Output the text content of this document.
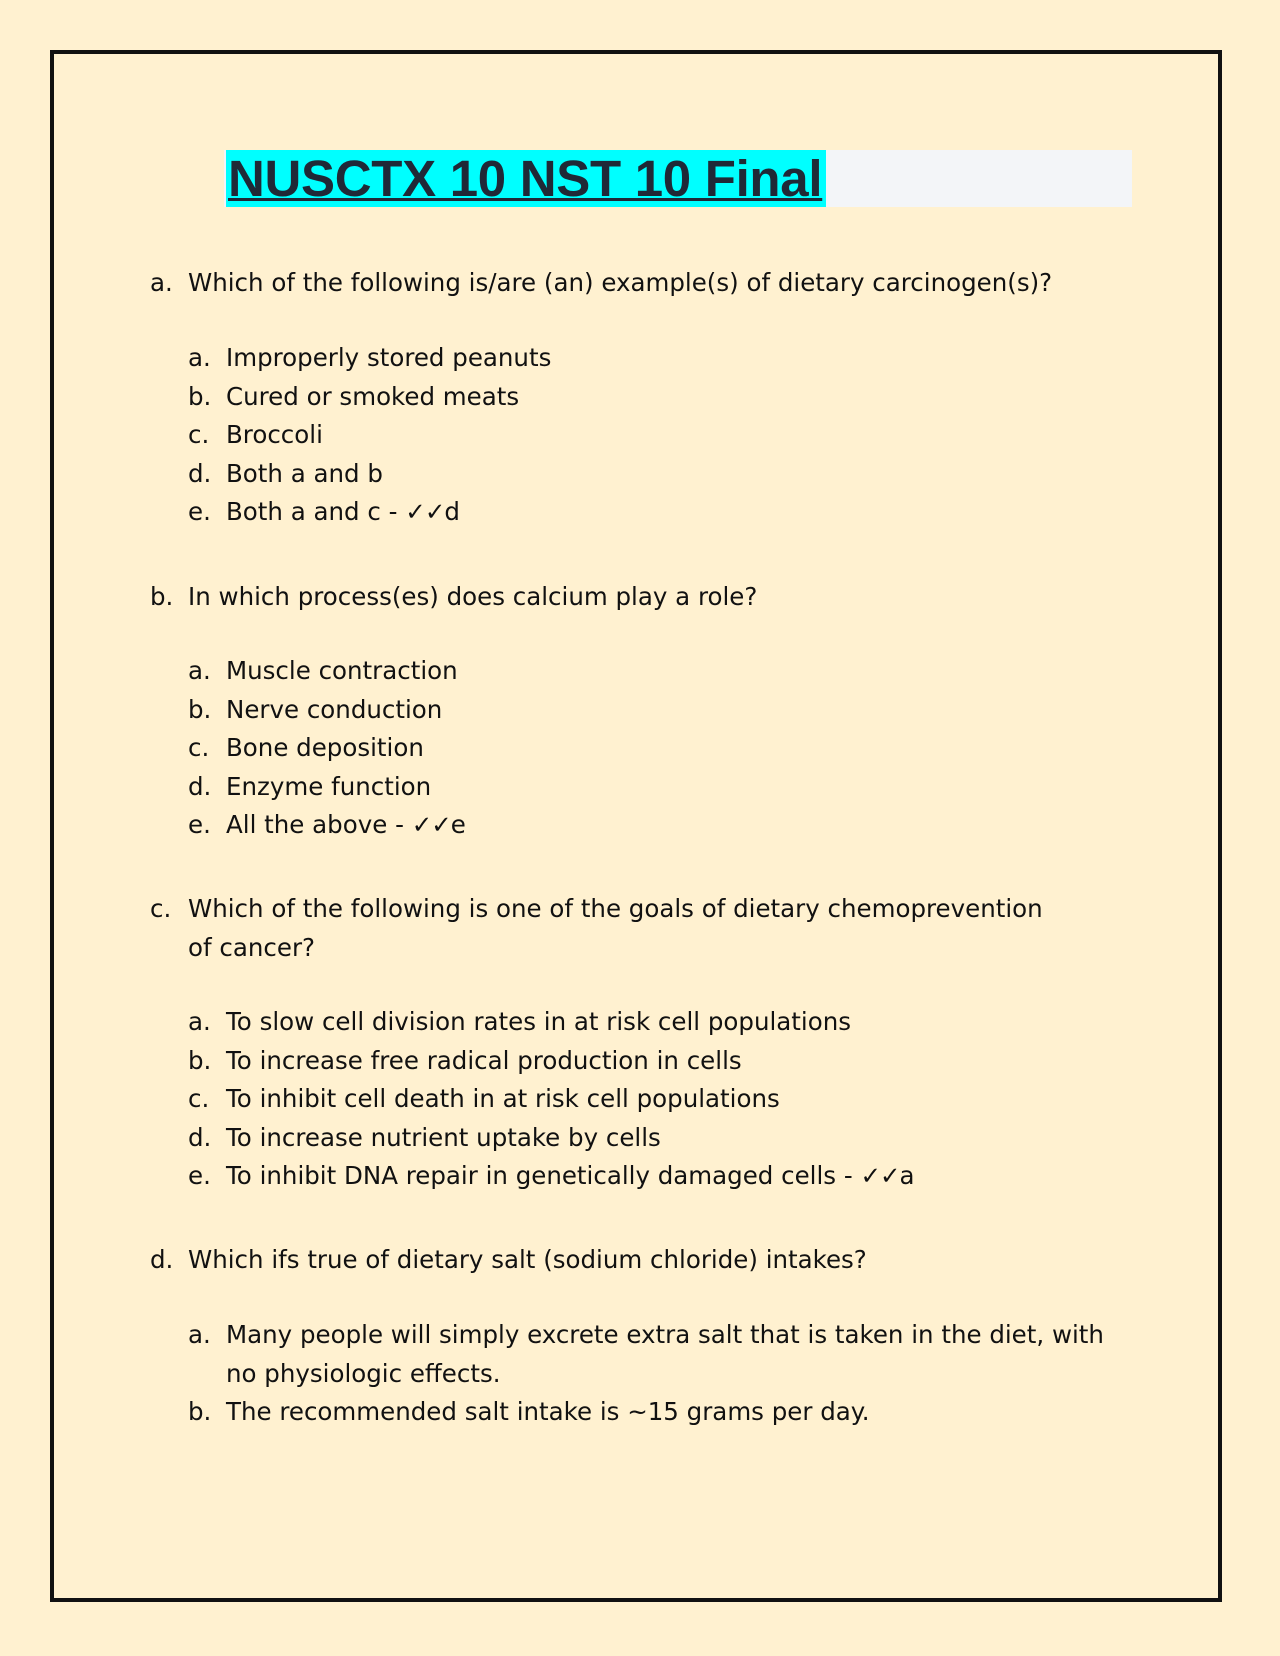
NUSCTX 10 NST 10 Final
a. Which of the following is/are (an) example(s) of dietary carcinogen(s)?
a. Improperly stored peanuts
b. Cured or smoked meats
c. Broccoli
d. Both a and b
e. Both a and c - ✓✓d
b. In which process(es) does calcium play a role?
a. Muscle contraction
b. Nerve conduction
c. Bone deposition
d. Enzyme function
e. All the above - ✓✓e
c. Which of the following is one of the goals of dietary chemoprevention of cancer?
a. To slow cell division rates in at risk cell populations
b. To increase free radical production in cells
c. To inhibit cell death in at risk cell populations
d. To increase nutrient uptake by cells
e. To inhibit DNA repair in genetically damaged cells - ✓✓a
d. Which ifs true of dietary salt (sodium chloride) intakes?
a. Many people will simply excrete extra salt that is taken in the diet, with no physiologic effects.
b. The recommended salt intake is ~15 grams per day.
